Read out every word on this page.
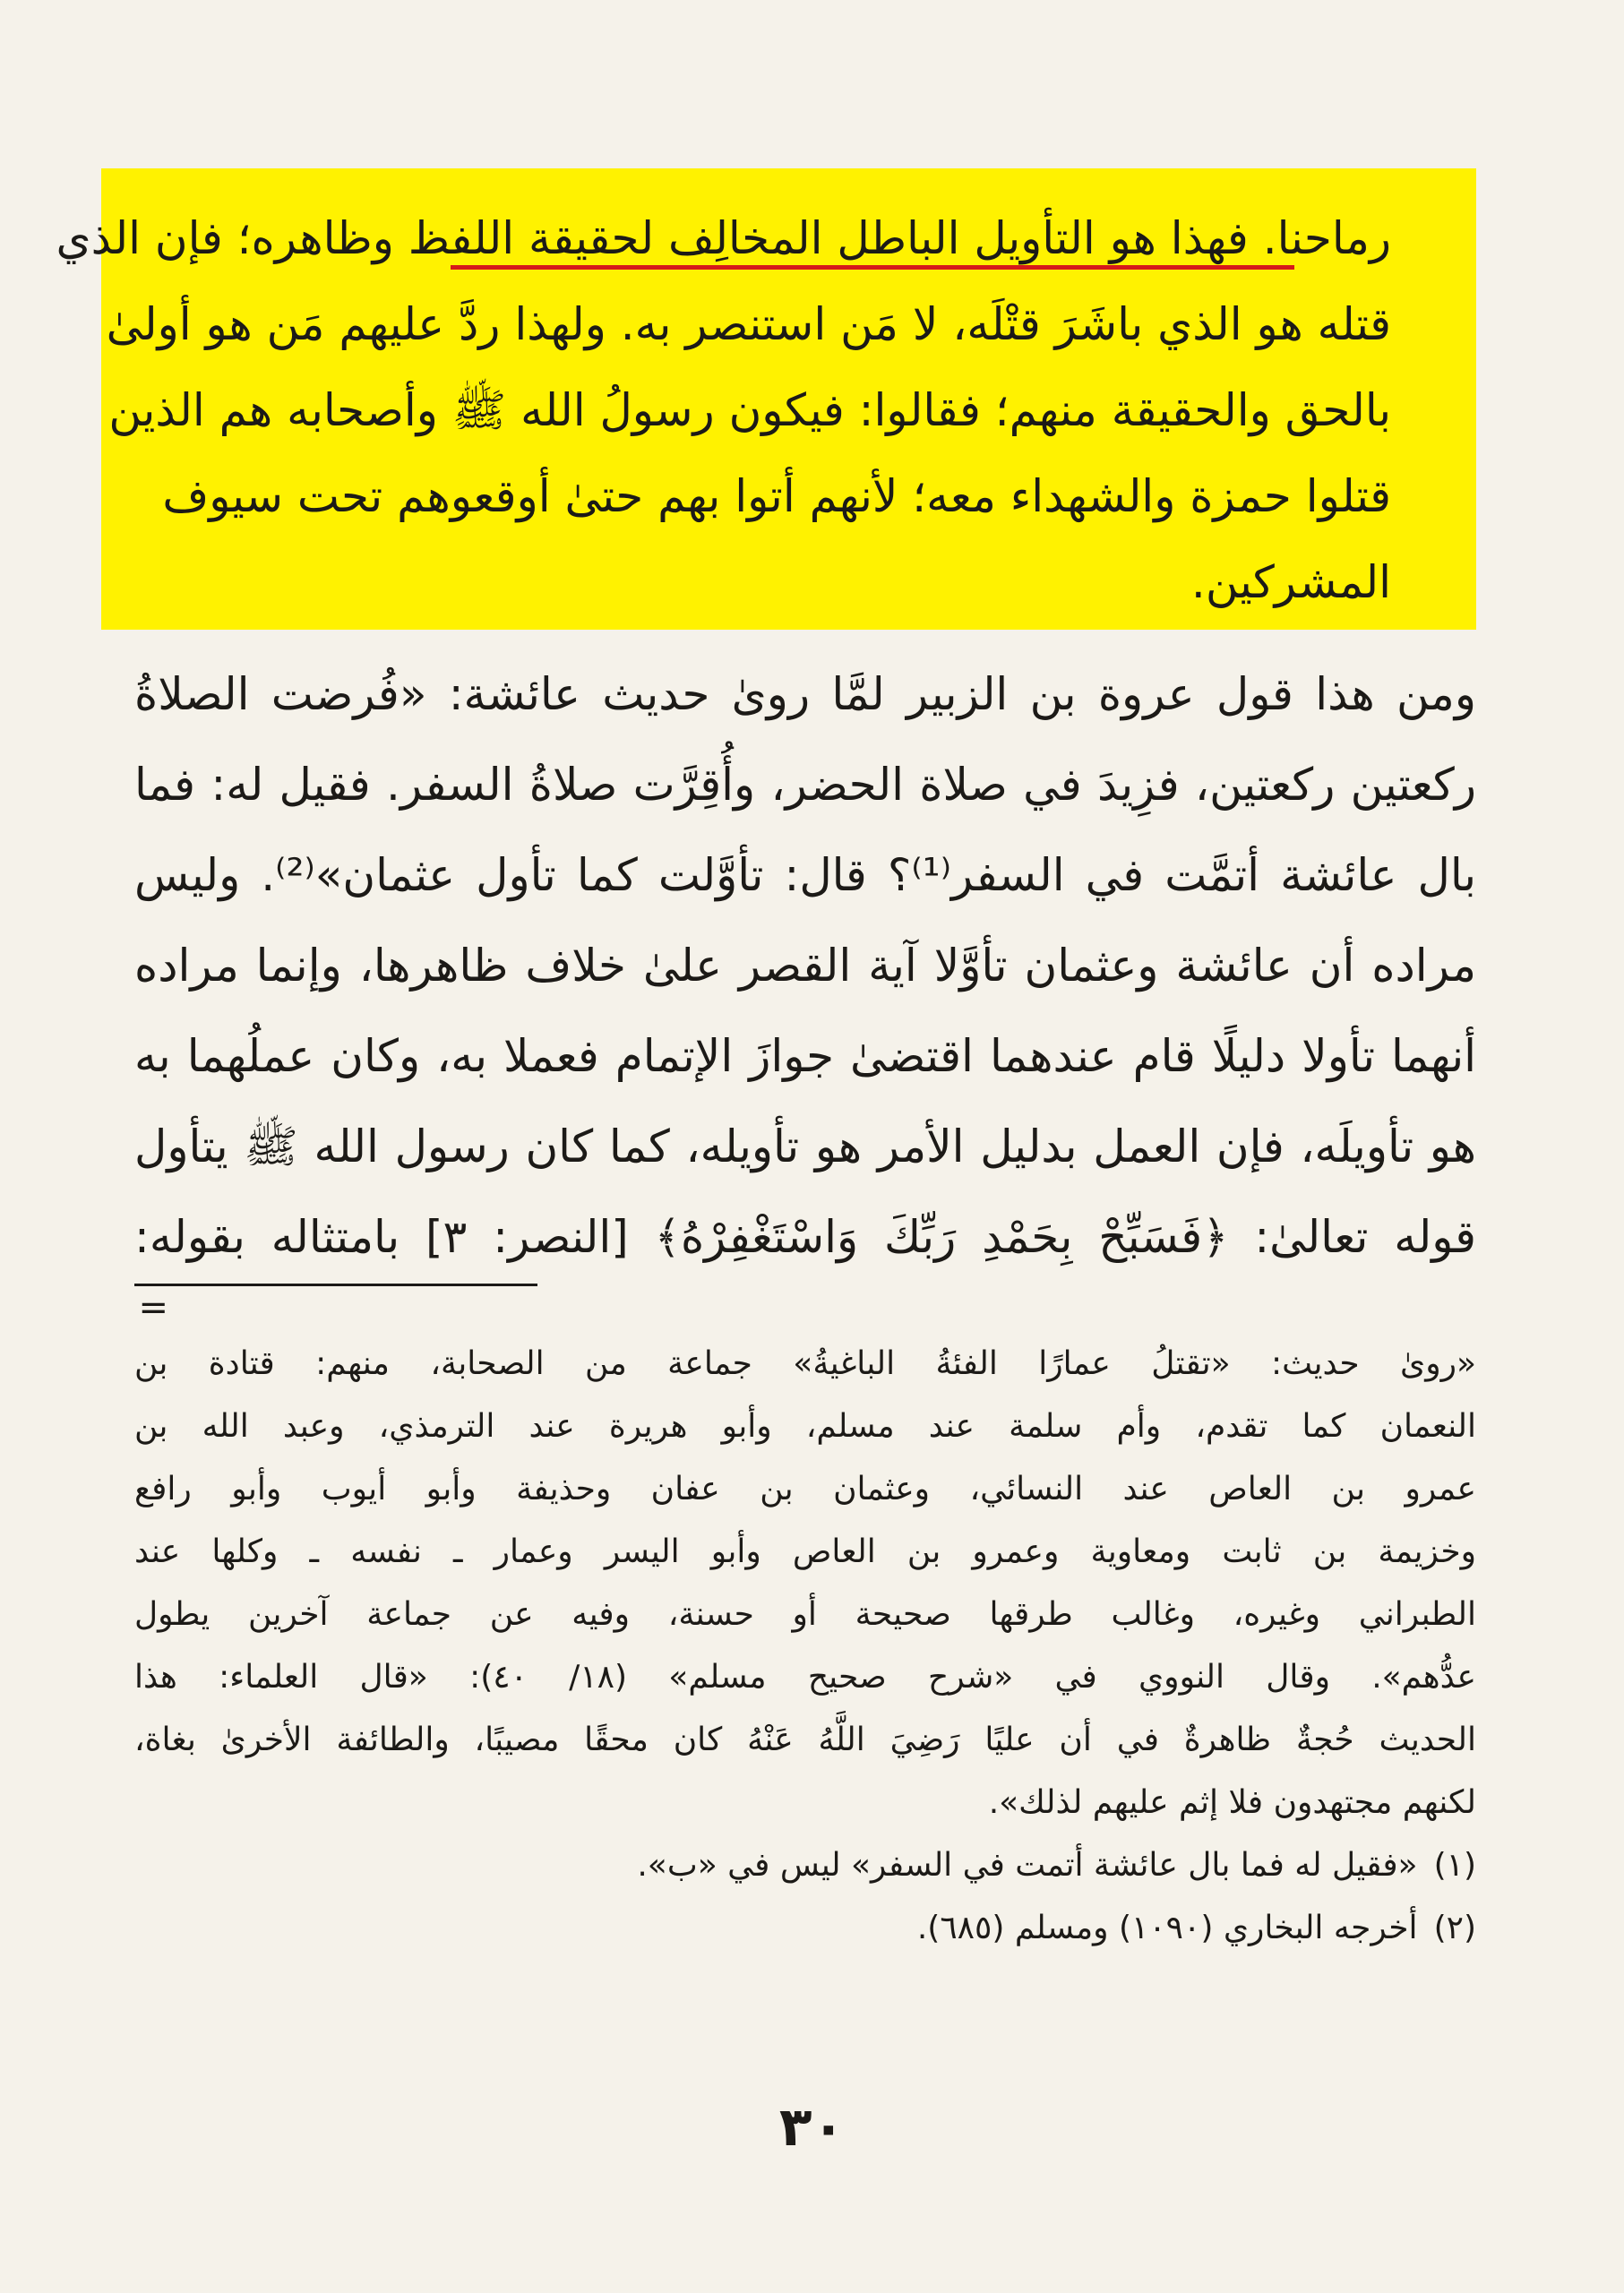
رماحنا. فهذا هو التأويل الباطل المخالِف لحقيقة اللفظ وظاهره؛ فإن الذي
قتله هو الذي باشَرَ قتْلَه، لا مَن استنصر به. ولهذا ردَّ عليهم مَن هو أولىٰ
بالحق والحقيقة منهم؛ فقالوا: فيكون رسولُ الله ﷺ وأصحابه هم الذين
قتلوا حمزة والشهداء معه؛ لأنهم أتوا بهم حتىٰ أوقعوهم تحت سيوف
المشركين.
ومن هذا قول عروة بن الزبير لمَّا روىٰ حديث عائشة: «فُرضت الصلاةُ
ركعتين ركعتين، فزِيدَ في صلاة الحضر، وأُقِرَّت صلاةُ السفر. فقيل له: فما
بال عائشة أتمَّت في السفر⁽¹⁾؟ قال: تأوَّلت كما تأول عثمان»⁽²⁾. وليس
مراده أن عائشة وعثمان تأوَّلا آية القصر علىٰ خلاف ظاهرها، وإنما مراده
أنهما تأولا دليلًا قام عندهما اقتضىٰ جوازَ الإتمام فعملا به، وكان عملُهما به
هو تأويلَه، فإن العمل بدليل الأمر هو تأويله، كما كان رسول الله ﷺ يتأول
قوله تعالىٰ: ﴿فَسَبِّحْ بِحَمْدِ رَبِّكَ وَاسْتَغْفِرْهُ﴾ [النصر: ٣] بامتثاله بقوله:
=
«روىٰ حديث: «تقتلُ عمارًا الفئةُ الباغيةُ» جماعة من الصحابة، منهم: قتادة بن
النعمان كما تقدم، وأم سلمة عند مسلم، وأبو هريرة عند الترمذي، وعبد الله بن
عمرو بن العاص عند النسائي، وعثمان بن عفان وحذيفة وأبو أيوب وأبو رافع
وخزيمة بن ثابت ومعاوية وعمرو بن العاص وأبو اليسر وعمار ـ نفسه ـ وكلها عند
الطبراني وغيره، وغالب طرقها صحيحة أو حسنة، وفيه عن جماعة آخرين يطول
عدُّهم». وقال النووي في «شرح صحيح مسلم» (١٨/ ٤٠): «قال العلماء: هذا
الحديث حُجةٌ ظاهرةٌ في أن عليًا رَضِيَ اللَّهُ عَنْهُ كان محقًا مصيبًا، والطائفة الأخرىٰ بغاة،
لكنهم مجتهدون فلا إثم عليهم لذلك».
(١)«فقيل له فما بال عائشة أتمت في السفر» ليس في «ب».
(٢)أخرجه البخاري (١٠٩٠) ومسلم (٦٨٥).
٣٠
